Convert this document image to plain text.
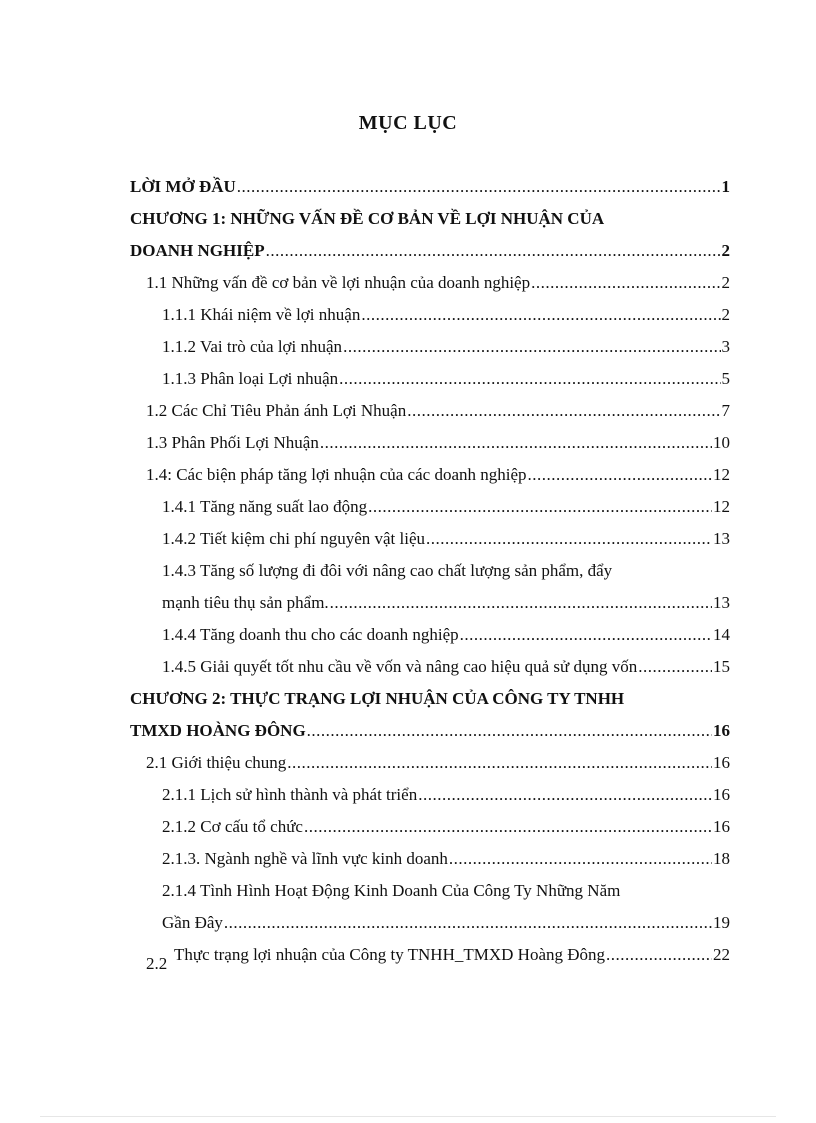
MỤC LỤC
LỜI MỞ ĐẦU .....	1
CHƯƠNG 1: NHỮNG VẤN ĐỀ CƠ BẢN VỀ LỢI NHUẬN CỦA
DOANH NGHIỆP .....	2
1.1 Những vấn đề cơ bản về lợi nhuận của doanh nghiệp .....	2
1.1.1 Khái niệm về lợi nhuận .....	2
1.1.2 Vai trò của lợi nhuận .....	3
1.1.3 Phân loại Lợi nhuận .....	5
1.2 Các Chỉ Tiêu Phản ánh Lợi Nhuận .....	7
1.3 Phân Phối Lợi Nhuận .....	10
1.4: Các biện pháp tăng lợi nhuận của các doanh nghiệp .....	12
1.4.1 Tăng năng suất lao động .....	12
1.4.2 Tiết kiệm chi phí nguyên vật liệu .....	13
1.4.3 Tăng số lượng đi đôi với nâng cao chất lượng sản phẩm, đẩy
mạnh tiêu thụ sản phẩm. .....	13
1.4.4 Tăng doanh thu cho các doanh nghiệp .....	14
1.4.5 Giải quyết tốt nhu cầu về vốn và nâng cao hiệu quả sử dụng vốn .....	15
CHƯƠNG 2: THỰC TRẠNG LỢI NHUẬN CỦA CÔNG TY TNHH
TMXD HOÀNG ĐÔNG .....	16
2.1 Giới thiệu chung .....	16
2.1.1 Lịch sử hình thành và phát triển .....	16
2.1.2 Cơ cấu tổ chức .....	16
2.1.3. Ngành nghề và lĩnh vực kinh doanh .....	18
2.1.4 Tình Hình Hoạt Động Kinh Doanh Của Công Ty Những Năm
Gần Đây .....	19
2.2 Thực trạng lợi nhuận của Công ty TNHH_TMXD Hoàng Đông .....	22
